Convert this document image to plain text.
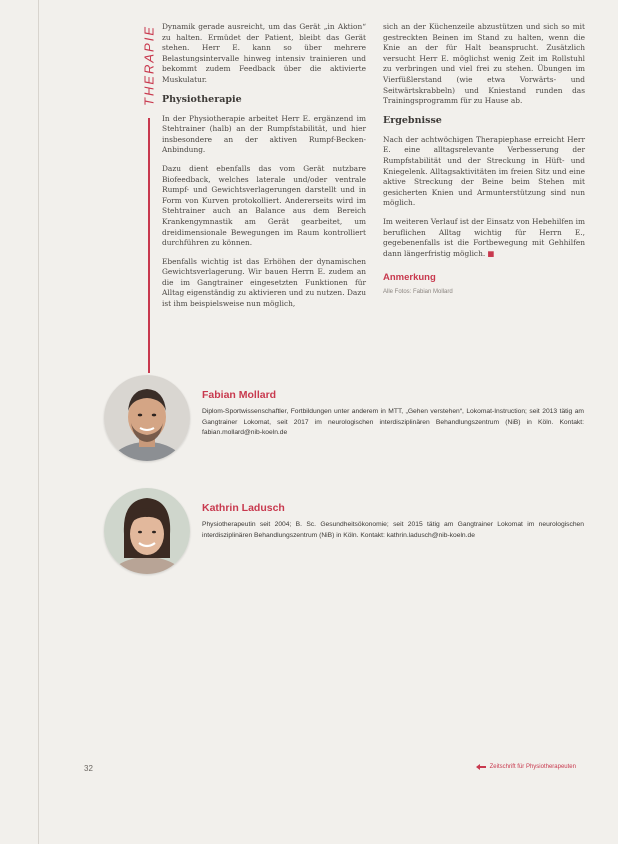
THERAPIE Dynamik gerade ausreicht, um das Gerät „in Aktion“ zu halten. Ermüdet der Patient, bleibt das Gerät stehen. Herr E. kann so über mehrere Belastungsintervalle hinweg intensiv trainieren und bekommt zudem Feedback über die aktivierte Muskulatur.

Physiotherapie

In der Physiotherapie arbeitet Herr E. ergänzend im Stehtrainer (halb) an der Rumpfstabilität, und hier insbesondere an der aktiven Rumpf-Becken-Anbindung.

Dazu dient ebenfalls das vom Gerät nutzbare Biofeedback, welches laterale und/oder ventrale Rumpf- und Gewichtsverlagerungen darstellt und in Form von Kurven protokolliert. Andererseits wird im Stehtrainer auch an Balance aus dem Bereich Krankengymnastik am Gerät gearbeitet, um dreidimensionale Bewegungen im Raum kontrolliert durchführen zu können.

Ebenfalls wichtig ist das Erhöhen der dynamischen Gewichtsverlagerung. Wir bauen Herrn E. zudem an die im Gangtrainer eingesetzten Funktionen für Alltag eigenständig zu aktivieren und zu nutzen. Dazu ist ihm beispielsweise nun möglich,

sich an der Küchenzeile abzustützen und sich so mit gestreckten Beinen im Stand zu halten, wenn die Knie an der für Halt beansprucht. Zusätzlich versucht Herr E. möglichst wenig Zeit im Rollstuhl zu verbringen und viel frei zu stehen. Übungen im Vierfüßlerstand (wie etwa Vorwärts- und Seitwärtskrabbeln) und Kniestand runden das Trainingsprogramm für zu Hause ab.

Ergebnisse

Nach der achtwöchigen Therapiephase erreicht Herr E. eine alltagsrelevante Verbesserung der Rumpfstabilität und der Streckung in Hüft- und Kniegelenk. Alltagsaktivitäten im freien Sitz und eine aktive Streckung der Beine beim Stehen mit gesicherten Knien und Armunterstützung sind nun möglich.

Im weiteren Verlauf ist der Einsatz von Hebehilfen im beruflichen Alltag wichtig für Herrn E., gegebenenfalls ist die Fortbewegung mit Gehhilfen dann längerfristig möglich. ■

Anmerkung
Alle Fotos: Fabian Mollard
Fabian Mollard
Diplom-Sportwissenschaftler, Fortbildungen unter anderem in MTT, „Gehen verstehen“, Lokomat-Instruction; seit 2013 tätig am Gangtrainer Lokomat, seit 2017 im neurologischen interdisziplinären Behandlungszentrum (NiB) in Köln. Kontakt: fabian.mollard@nib-koeln.de
Kathrin Ladusch
Physiotherapeutin seit 2004; B. Sc. Gesundheitsökonomie; seit 2015 tätig am Gangtrainer Lokomat im neurologischen interdisziplinären Behandlungszentrum (NiB) in Köln. Kontakt: kathrin.ladusch@nib-koeln.de
32	Zeitschrift für Physiotherapeuten
